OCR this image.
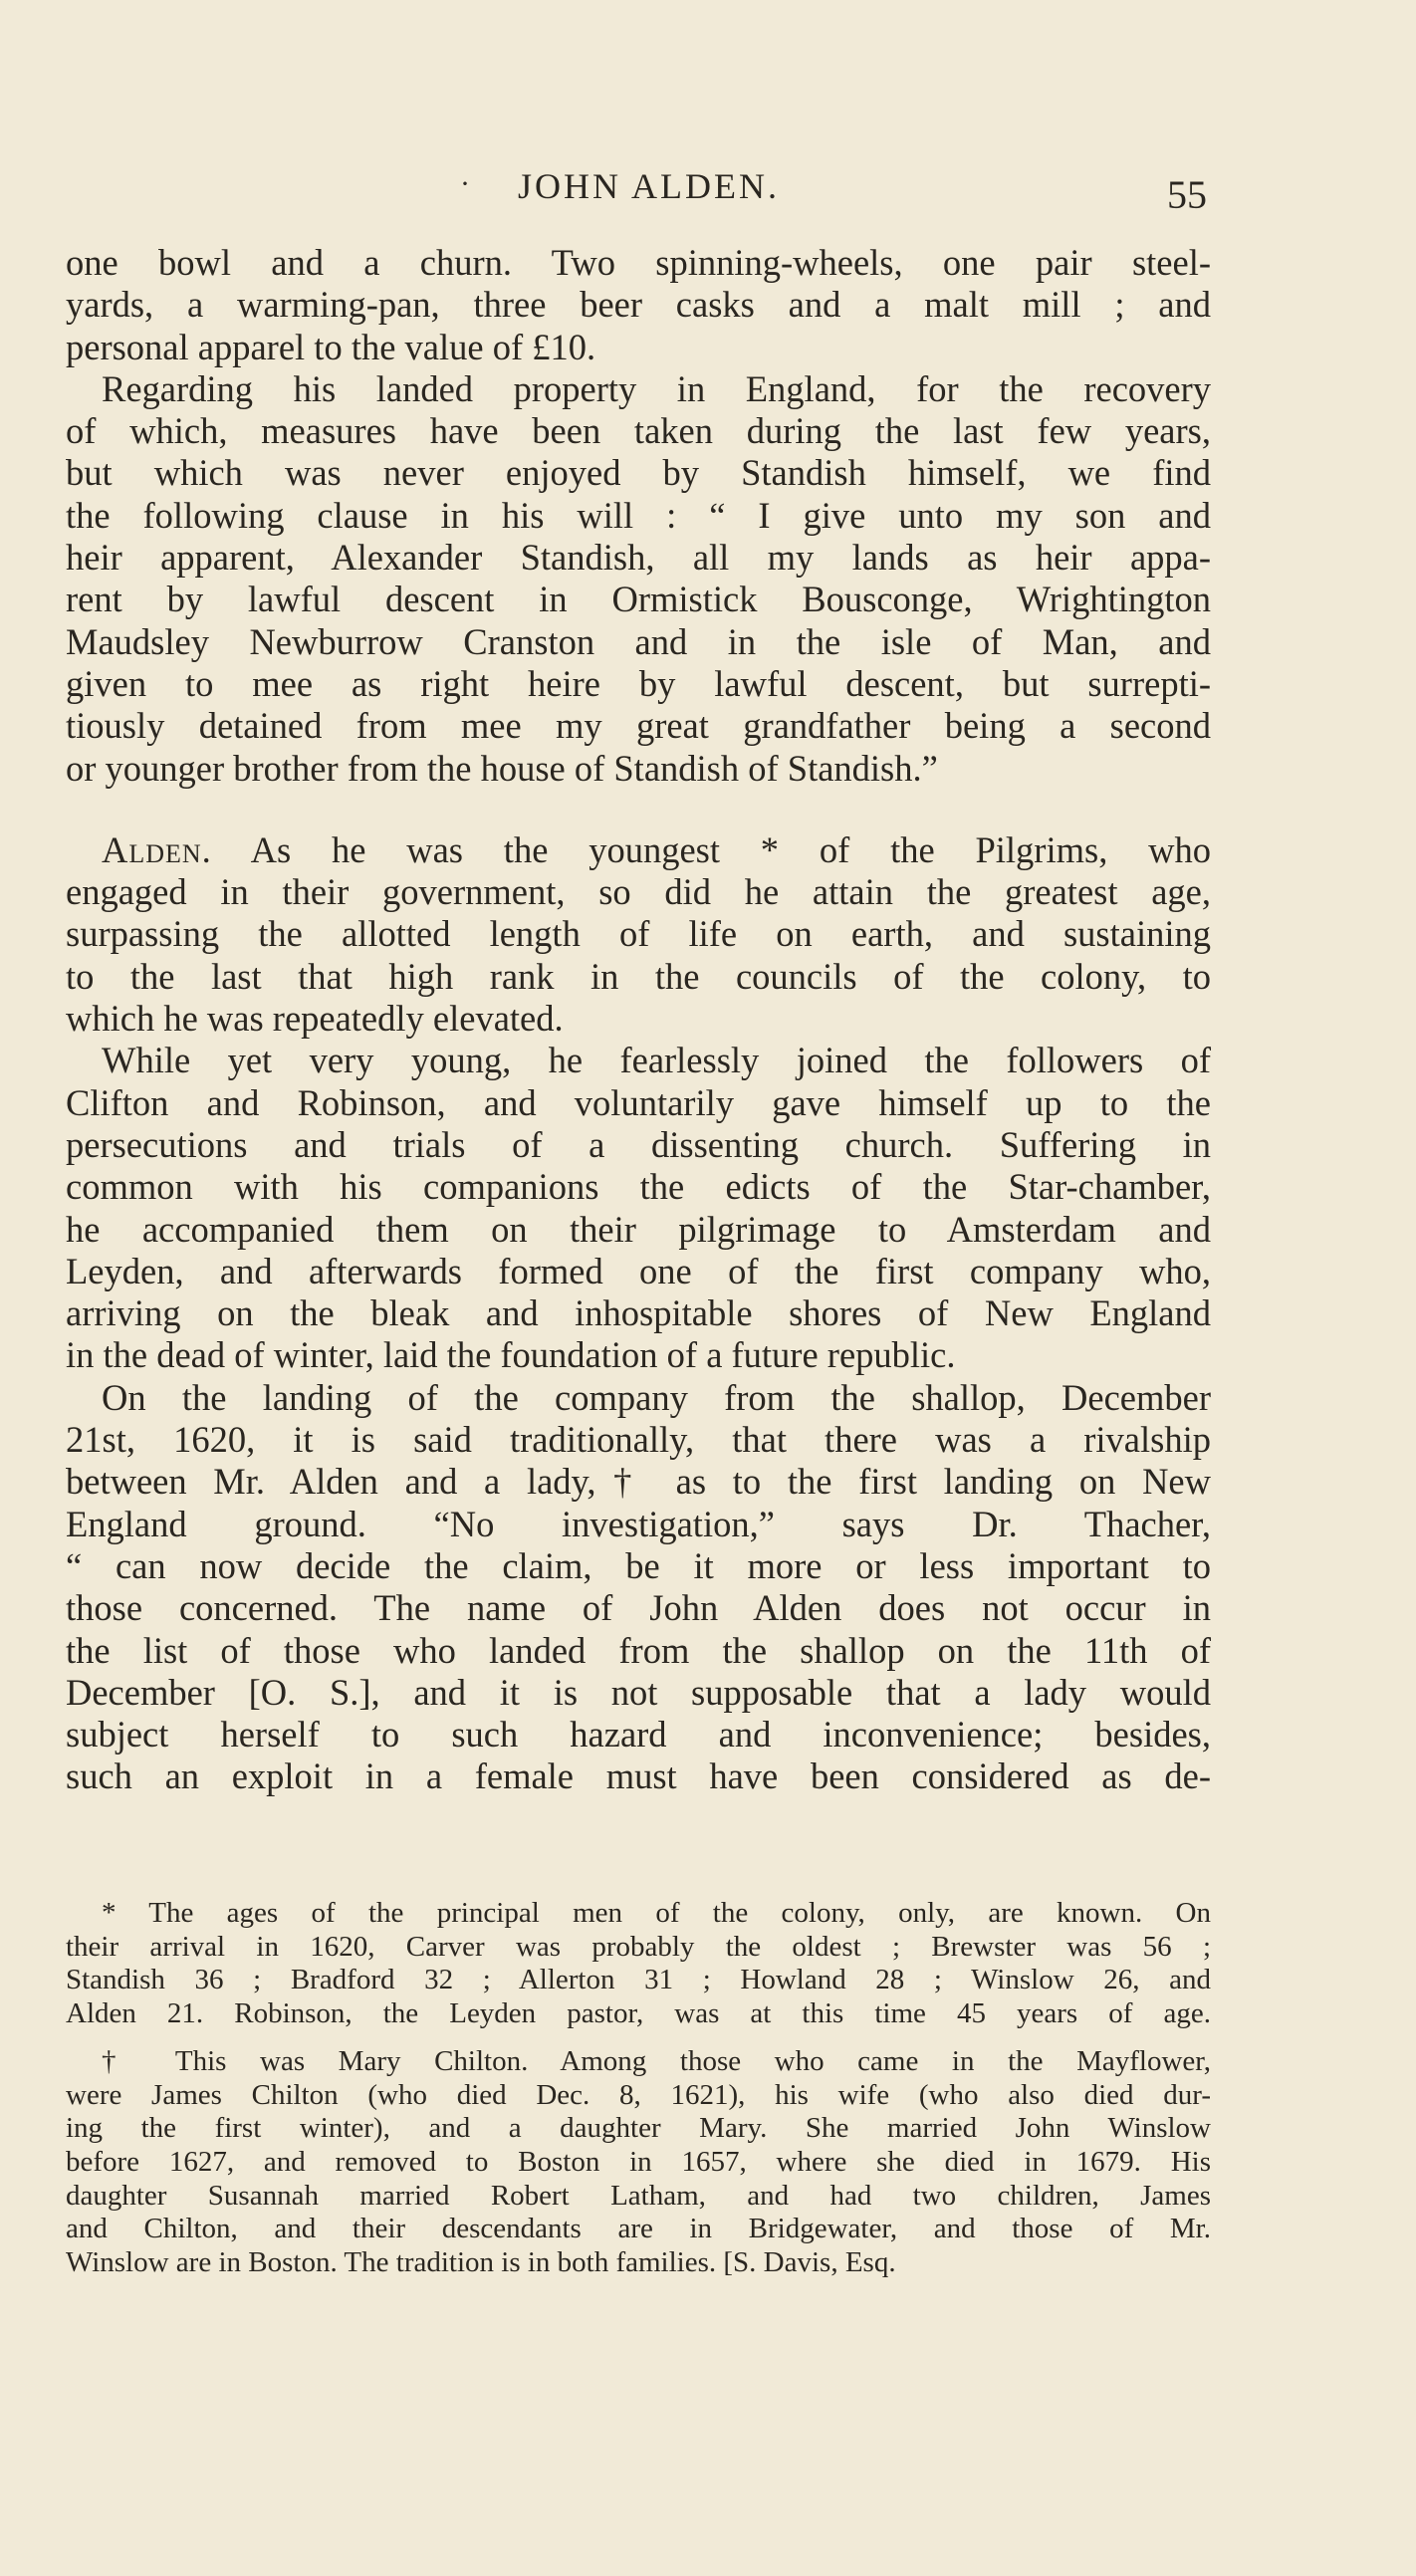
· JOHN ALDEN.	55
one bowl and a churn. Two spinning-wheels, one pair steel-
yards, a warming-pan, three beer casks and a malt mill ; and
personal apparel to the value of £10.
Regarding his landed property in England, for the recovery
of which, measures have been taken during the last few years,
but which was never enjoyed by Standish himself, we find
the following clause in his will : “ I give unto my son and
heir apparent, Alexander Standish, all my lands as heir appa-
rent by lawful descent in Ormistick Bousconge, Wrightington
Maudsley Newburrow Cranston and in the isle of Man, and
given to mee as right heire by lawful descent, but surrepti-
tiously detained from mee my great grandfather being a second
or younger brother from the house of Standish of Standish.”
Alden. As he was the youngest * of the Pilgrims, who
engaged in their government, so did he attain the greatest age,
surpassing the allotted length of life on earth, and sustaining
to the last that high rank in the councils of the colony, to
which he was repeatedly elevated.
While yet very young, he fearlessly joined the followers of
Clifton and Robinson, and voluntarily gave himself up to the
persecutions and trials of a dissenting church. Suffering in
common with his companions the edicts of the Star-chamber,
he accompanied them on their pilgrimage to Amsterdam and
Leyden, and afterwards formed one of the first company who,
arriving on the bleak and inhospitable shores of New England
in the dead of winter, laid the foundation of a future republic.
On the landing of the company from the shallop, December
21st, 1620, it is said traditionally, that there was a rivalship
between Mr. Alden and a lady,† as to the first landing on New
England ground. “No investigation,” says Dr. Thacher,
“ can now decide the claim, be it more or less important to
those concerned. The name of John Alden does not occur in
the list of those who landed from the shallop on the 11th of
December [O. S.], and it is not supposable that a lady would
subject herself to such hazard and inconvenience; besides,
such an exploit in a female must have been considered as de-
* The ages of the principal men of the colony, only, are known. On
their arrival in 1620, Carver was probably the oldest ; Brewster was 56 ;
Standish 36 ; Bradford 32 ; Allerton 31 ; Howland 28 ; Winslow 26, and
Alden 21. Robinson, the Leyden pastor, was at this time 45 years of age.
† This was Mary Chilton. Among those who came in the Mayflower,
were James Chilton (who died Dec. 8, 1621), his wife (who also died dur-
ing the first winter), and a daughter Mary. She married John Winslow
before 1627, and removed to Boston in 1657, where she died in 1679. His
daughter Susannah married Robert Latham, and had two children, James
and Chilton, and their descendants are in Bridgewater, and those of Mr.
Winslow are in Boston. The tradition is in both families. [S. Davis, Esq.
